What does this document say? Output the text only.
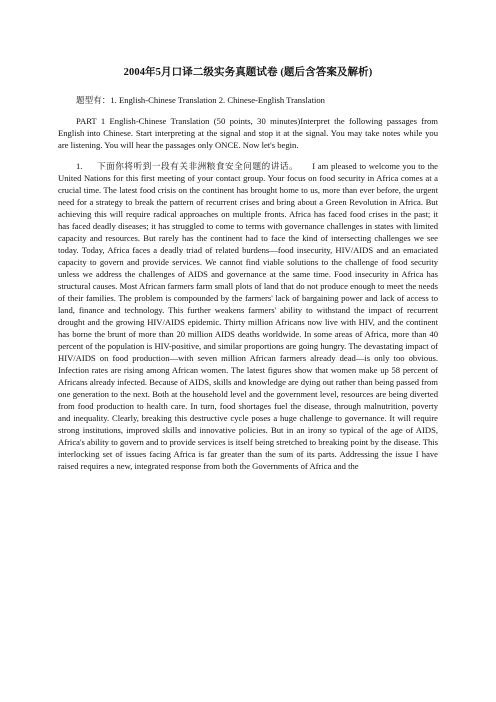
2004年5月口译二级实务真题试卷 (题后含答案及解析)
题型有：1. English-Chinese Translation 2. Chinese-English Translation
PART 1 English-Chinese Translation (50 points, 30 minutes)Interpret the following passages from English into Chinese. Start interpreting at the signal and stop it at the signal. You may take notes while you are listening. You will hear the passages only ONCE. Now let's begin.
1. 下面你将听到一段有关非洲粮食安全问题的讲话。 I am pleased to welcome you to the United Nations for this first meeting of your contact group. Your focus on food security in Africa comes at a crucial time. The latest food crisis on the continent has brought home to us, more than ever before, the urgent need for a strategy to break the pattern of recurrent crises and bring about a Green Revolution in Africa. But achieving this will require radical approaches on multiple fronts. Africa has faced food crises in the past; it has faced deadly diseases; it has struggled to come to terms with governance challenges in states with limited capacity and resources. But rarely has the continent had to face the kind of intersecting challenges we see today. Today, Africa faces a deadly triad of related burdens—food insecurity, HIV/AIDS and an emaciated capacity to govern and provide services. We cannot find viable solutions to the challenge of food security unless we address the challenges of AIDS and governance at the same time. Food insecurity in Africa has structural causes. Most African farmers farm small plots of land that do not produce enough to meet the needs of their families. The problem is compounded by the farmers' lack of bargaining power and lack of access to land, finance and technology. This further weakens farmers' ability to withstand the impact of recurrent drought and the growing HIV/AIDS epidemic. Thirty million Africans now live with HIV, and the continent has borne the brunt of more than 20 million AIDS deaths worldwide. In some areas of Africa, more than 40 percent of the population is HIV-positive, and similar proportions are going hungry. The devastating impact of HIV/AIDS on food production—with seven million African farmers already dead—is only too obvious. Infection rates are rising among African women. The latest figures show that women make up 58 percent of Africans already infected. Because of AIDS, skills and knowledge are dying out rather than being passed from one generation to the next. Both at the household level and the government level, resources are being diverted from food production to health care. In turn, food shortages fuel the disease, through malnutrition, poverty and inequality. Clearly, breaking this destructive cycle poses a huge challenge to governance. It will require strong institutions, improved skills and innovative policies. But in an irony so typical of the age of AIDS, Africa's ability to govern and to provide services is itself being stretched to breaking point by the disease. This interlocking set of issues facing Africa is far greater than the sum of its parts. Addressing the issue I have raised requires a new, integrated response from both the Governments of Africa and the
